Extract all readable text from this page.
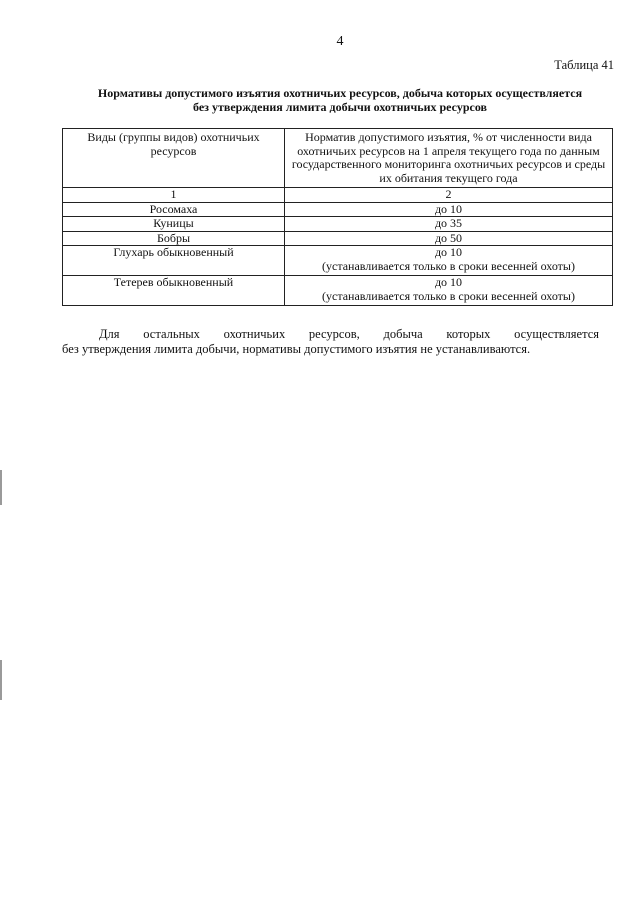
4
Таблица 41
Нормативы допустимого изъятия охотничьих ресурсов, добыча которых осуществляется
без утверждения лимита добычи охотничьих ресурсов
Виды (группы видов) охотничьих ресурсов	Норматив допустимого изъятия, % от численности вида охотничьих ресурсов на 1 апреля текущего года по данным государственного мониторинга охотничьих ресурсов и среды их обитания текущего года
1	2
Росомаха	до 10
Куницы	до 35
Бобры	до 50
Глухарь обыкновенный	до 10
(устанавливается только в сроки весенней охоты)

Тетерев обыкновенный	до 10
(устанавливается только в сроки весенней охоты)
Для остальных охотничьих ресурсов, добыча которых осуществляется
без утверждения лимита добычи, нормативы допустимого изъятия не устанавливаются.
